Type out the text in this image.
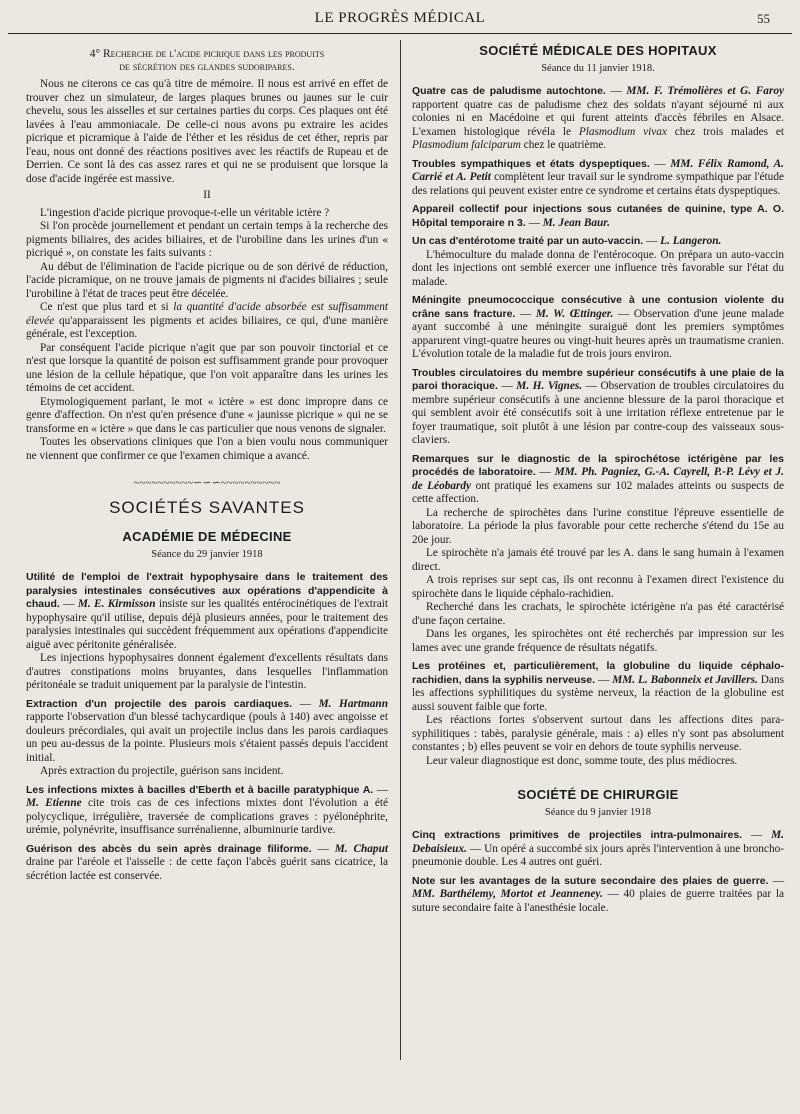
LE PROGRÈS MÉDICAL	55
4° Recherche de l'acide picrique dans les produits
de sécrétion des glandes sudoripares.

Nous ne citerons ce cas qu'à titre de mémoire. Il nous est arrivé en effet de trouver chez un simulateur, de larges plaques brunes ou jaunes sur le cuir chevelu, sous les aisselles et sur certaines parties du corps. Ces plaques ont été lavées à l'eau ammoniacale. De celle-ci nous avons pu extraire les acides picrique et picramique à l'aide de l'éther et les résidus de cet éther, repris par l'eau, nous ont donné des réactions positives avec les réactifs de Rupeau et de Derrien. Ce sont là des cas assez rares et qui ne se produisent que lorsque la dose d'acide ingérée est massive.

II

L'ingestion d'acide picrique provoque-t-elle un véritable ictère ?

Si l'on procède journellement et pendant un certain temps à la recherche des pigments biliaires, des acides biliaires, et de l'urobiline dans les urines d'un « picriqué », on constate les faits suivants :

Au début de l'élimination de l'acide picrique ou de son dérivé de réduction, l'acide picramique, on ne trouve jamais de pigments ni d'acides biliaires ; seule l'urobiline à l'état de traces peut être décelée.

Ce n'est que plus tard et si la quantité d'acide absorbée est suffisamment élevée qu'apparaissent les pigments et acides biliaires, ce qui, d'une manière générale, est l'exception.

Par conséquent l'acide picrique n'agit que par son pouvoir tinctorial et ce n'est que lorsque la quantité de poison est suffisamment grande pour provoquer une lésion de la cellule hépatique, que l'on voit apparaître dans les urines les témoins de cet accident.

Etymologiquement parlant, le mot « ictère » est donc impropre dans ce genre d'affection. On n'est qu'en présence d'une « jaunisse picrique » qui ne se transforme en « ictère » que dans le cas particulier que nous venons de signaler.

Toutes les observations cliniques que l'on a bien voulu nous communiquer ne viennent que confirmer ce que l'examen chimique a avancé.

~~~~~~~~~~∽∽∽~~~~~~~~~~
SOCIÉTÉS SAVANTES
ACADÉMIE DE MÉDECINE
Séance du 29 janvier 1918

Utilité de l'emploi de l'extrait hypophysaire dans le traitement des paralysies intestinales consécutives aux opérations d'appendicite à chaud. — M. E. Kirmisson insiste sur les qualités entérocinétiques de l'extrait hypophysaire qu'il utilise, depuis déjà plusieurs années, pour le traitement des paralysies intestinales qui succèdent fréquemment aux opérations d'appendicite aiguë avec péritonite généralisée.

Les injections hypophysaires donnent également d'excellents résultats dans d'autres constipations moins bruyantes, dans lesquelles l'inflammation péritonéale se traduit uniquement par la paralysie de l'intestin.

Extraction d'un projectile des parois cardiaques. — M. Hartmann rapporte l'observation d'un blessé tachycardique (pouls à 140) avec angoisse et douleurs précordiales, qui avait un projectile inclus dans les parois cardiaques un peu au-dessus de la pointe. Plusieurs mois s'étaient passés depuis l'accident initial.

Après extraction du projectile, guérison sans incident.

Les infections mixtes à bacilles d'Eberth et à bacille paratyphique A. — M. Etienne cite trois cas de ces infections mixtes dont l'évolution a été polycyclique, irrégulière, traversée de complications graves : pyélonéphrite, urémie, polynévrite, insuffisance surrénalienne, albuminurie tardive.

Guérison des abcès du sein après drainage filiforme. — M. Chaput draine par l'aréole et l'aisselle : de cette façon l'abcès guérit sans cicatrice, la sécrétion lactée est conservée.

SOCIÉTÉ MÉDICALE DES HOPITAUX
Séance du 11 janvier 1918.

Quatre cas de paludisme autochtone. — MM. F. Trémolières et G. Faroy rapportent quatre cas de paludisme chez des soldats n'ayant séjourné ni aux colonies ni en Macédoine et qui furent atteints d'accès fébriles en Alsace. L'examen histologique révéla le Plasmodium vivax chez trois malades et Plasmodium falciparum chez le quatrième.

Troubles sympathiques et états dyspeptiques. — MM. Félix Ramond, A. Carrié et A. Petit complètent leur travail sur le syndrome sympathique par l'étude des relations qui peuvent exister entre ce syndrome et certains états dyspeptiques.

Appareil collectif pour injections sous cutanées de quinine, type A. O. Hôpital temporaire n 3. — M. Jean Baur.

Un cas d'entérotome traité par un auto-vaccin. — L. Langeron.

L'hémoculture du malade donna de l'entérocoque. On prépara un auto-vaccin dont les injections ont semblé exercer une influence très favorable sur l'état du malade.

Méningite pneumococcique consécutive à une contusion violente du crâne sans fracture. — M. W. Œttinger. — Observation d'une jeune malade ayant succombé à une méningite suraiguë dont les premiers symptômes apparurent vingt-quatre heures ou vingt-huit heures après un traumatisme cranien. L'évolution totale de la maladie fut de trois jours environ.

Troubles circulatoires du membre supérieur consécutifs à une plaie de la paroi thoracique. — M. H. Vignes. — Observation de troubles circulatoires du membre supérieur consécutifs à une ancienne blessure de la paroi thoracique et qui semblent avoir été consécutifs soit à une irritation réflexe entretenue par le foyer traumatique, soit plutôt à une lésion par contre-coup des vaisseaux sous-claviers.

Remarques sur le diagnostic de la spirochétose ictérigène par les procédés de laboratoire. — MM. Ph. Pagniez, G.-A. Cayrell, P.-P. Lévy et J. de Léobardy ont pratiqué les examens sur 102 malades atteints ou suspects de cette affection.

La recherche de spirochètes dans l'urine constitue l'épreuve essentielle de laboratoire. La période la plus favorable pour cette recherche s'étend du 15e au 20e jour.

Le spirochète n'a jamais été trouvé par les A. dans le sang humain à l'examen direct.

A trois reprises sur sept cas, ils ont reconnu à l'examen direct l'existence du spirochète dans le liquide céphalo-rachidien.

Recherché dans les crachats, le spirochète ictérigène n'a pas été caractérisé d'une façon certaine.

Dans les organes, les spirochètes ont été recherchés par impression sur les lames avec une grande fréquence de résultats négatifs.

Les protéines et, particulièrement, la globuline du liquide céphalo-rachidien, dans la syphilis nerveuse. — MM. L. Babonneix et Javillers. Dans les affections syphilitiques du système nerveux, la réaction de la globuline est aussi souvent faible que forte.

Les réactions fortes s'observent surtout dans les affections dites para-syphilitiques : tabès, paralysie générale, mais : a) elles n'y sont pas absolument constantes ; b) elles peuvent se voir en dehors de toute syphilis nerveuse.

Leur valeur diagnostique est donc, somme toute, des plus médiocres.

SOCIÉTÉ DE CHIRURGIE
Séance du 9 janvier 1918

Cinq extractions primitives de projectiles intra-pulmonaires. — M. Debaisieux. — Un opéré a succombé six jours après l'intervention à une broncho-pneumonie double. Les 4 autres ont guéri.

Note sur les avantages de la suture secondaire des plaies de guerre. — MM. Barthélemy, Mortot et Jeanneney. — 40 plaies de guerre traitées par la suture secondaire faite à l'anesthésie locale.
